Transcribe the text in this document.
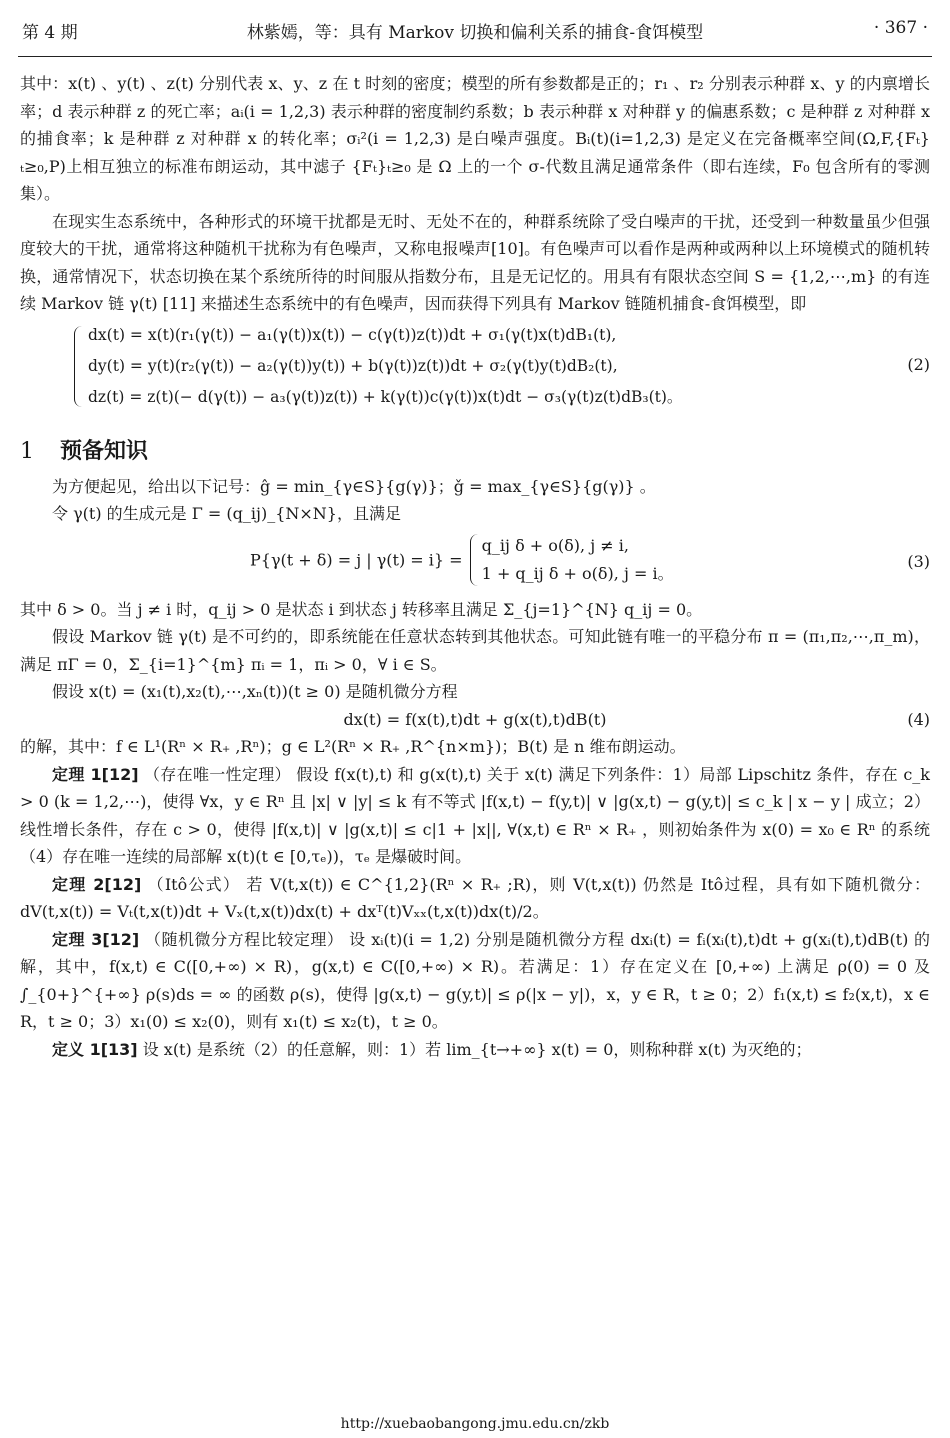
第 4 期	林紫嫣，等：具有 Markov 切换和偏利关系的捕食-食饵模型	· 367 ·

其中：x(t) 、y(t) 、z(t) 分别代表 x、y、z 在 t 时刻的密度；模型的所有参数都是正的；r₁ 、r₂ 分别表示种群 x、y 的内禀增长率；d 表示种群 z 的死亡率；aᵢ(i = 1,2,3) 表示种群的密度制约系数；b 表示种群 x 对种群 y 的偏惠系数；c 是种群 z 对种群 x 的捕食率；k 是种群 z 对种群 x 的转化率；σᵢ²(i = 1,2,3) 是白噪声强度。Bᵢ(t)(i=1,2,3) 是定义在完备概率空间(Ω,F,{Fₜ}ₜ≥₀,P)上相互独立的标准布朗运动，其中滤子 {Fₜ}ₜ≥₀ 是 Ω 上的一个 σ-代数且满足通常条件（即右连续，F₀ 包含所有的零测集）。

在现实生态系统中，各种形式的环境干扰都是无时、无处不在的，种群系统除了受白噪声的干扰，还受到一种数量虽少但强度较大的干扰，通常将这种随机干扰称为有色噪声，又称电报噪声[10]。有色噪声可以看作是两种或两种以上环境模式的随机转换，通常情况下，状态切换在某个系统所待的时间服从指数分布，且是无记忆的。用具有有限状态空间 S = {1,2,⋯,m} 的有连续 Markov 链 γ(t) [11] 来描述生态系统中的有色噪声，因而获得下列具有 Markov 链随机捕食-食饵模型，即

dx(t) = x(t)(r₁(γ(t)) − a₁(γ(t))x(t)) − c(γ(t))z(t))dt + σ₁(γ(t)x(t)dB₁(t),
dy(t) = y(t)(r₂(γ(t)) − a₂(γ(t))y(t)) + b(γ(t))z(t))dt + σ₂(γ(t)y(t)dB₂(t),
dz(t) = z(t)(− d(γ(t)) − a₃(γ(t))z(t)) + k(γ(t))c(γ(t))x(t)dt − σ₃(γ(t)z(t)dB₃(t)。
(2)
1 预备知识

为方便起见，给出以下记号：ĝ = min_{γ∈S}{g(γ)}；ǧ = max_{γ∈S}{g(γ)} 。

令 γ(t) 的生成元是 Γ = (q_ij)_{N×N}，且满足

P{γ(t + δ) = j | γ(t) = i} =
q_ij δ + o(δ), j ≠ i,
1 + q_ij δ + o(δ), j = i。
(3)

其中 δ > 0。当 j ≠ i 时，q_ij > 0 是状态 i 到状态 j 转移率且满足 Σ_{j=1}^{N} q_ij = 0。

假设 Markov 链 γ(t) 是不可约的，即系统能在任意状态转到其他状态。可知此链有唯一的平稳分布 π = (π₁,π₂,⋯,π_m)，满足 πΓ = 0，Σ_{i=1}^{m} πᵢ = 1，πᵢ > 0，∀ i ∈ S。

假设 x(t) = (x₁(t),x₂(t),⋯,xₙ(t))(t ≥ 0) 是随机微分方程

dx(t) = f(x(t),t)dt + g(x(t),t)dB(t)	(4)

的解，其中：f ∈ L¹(Rⁿ × R₊ ,Rⁿ)；g ∈ L²(Rⁿ × R₊ ,R^{n×m})；B(t) 是 n 维布朗运动。

定理 1[12] （存在唯一性定理） 假设 f(x(t),t) 和 g(x(t),t) 关于 x(t) 满足下列条件：1）局部 Lipschitz 条件，存在 c_k > 0 (k = 1,2,⋯)，使得 ∀x，y ∈ Rⁿ 且 |x| ∨ |y| ≤ k 有不等式 |f(x,t) − f(y,t)| ∨ |g(x,t) − g(y,t)| ≤ c_k | x − y | 成立；2）线性增长条件，存在 c > 0，使得 |f(x,t)| ∨ |g(x,t)| ≤ c|1 + |x||, ∀(x,t) ∈ Rⁿ × R₊ ，则初始条件为 x(0) = x₀ ∈ Rⁿ 的系统（4）存在唯一连续的局部解 x(t)(t ∈ [0,τₑ))，τₑ 是爆破时间。

定理 2[12] （Itô公式） 若 V(t,x(t)) ∈ C^{1,2}(Rⁿ × R₊ ;R)，则 V(t,x(t)) 仍然是 Itô过程，具有如下随机微分：dV(t,x(t)) = Vₜ(t,x(t))dt + Vₓ(t,x(t))dx(t) + dxᵀ(t)Vₓₓ(t,x(t))dx(t)/2。

定理 3[12] （随机微分方程比较定理） 设 xᵢ(t)(i = 1,2) 分别是随机微分方程 dxᵢ(t) = fᵢ(xᵢ(t),t)dt + g(xᵢ(t),t)dB(t) 的解，其中，f(x,t) ∈ C([0,+∞) × R)，g(x,t) ∈ C([0,+∞) × R)。若满足：1）存在定义在 [0,+∞) 上满足 ρ(0) = 0 及 ∫_{0+}^{+∞} ρ(s)ds = ∞ 的函数 ρ(s)，使得 |g(x,t) − g(y,t)| ≤ ρ(|x − y|)，x，y ∈ R，t ≥ 0；2）f₁(x,t) ≤ f₂(x,t)，x ∈ R，t ≥ 0；3）x₁(0) ≤ x₂(0)，则有 x₁(t) ≤ x₂(t)，t ≥ 0。

定义 1[13] 设 x(t) 是系统（2）的任意解，则：1）若 lim_{t→+∞} x(t) = 0，则称种群 x(t) 为灭绝的；

http://xuebaobangong.jmu.edu.cn/zkb
